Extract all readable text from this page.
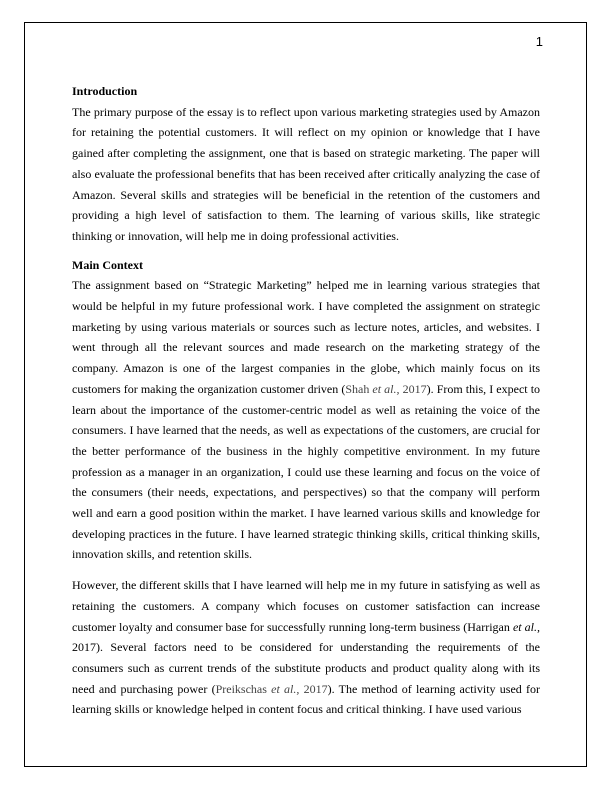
1
Introduction

The primary purpose of the essay is to reflect upon various marketing strategies used by Amazon for retaining the potential customers. It will reflect on my opinion or knowledge that I have gained after completing the assignment, one that is based on strategic marketing. The paper will also evaluate the professional benefits that has been received after critically analyzing the case of Amazon. Several skills and strategies will be beneficial in the retention of the customers and providing a high level of satisfaction to them. The learning of various skills, like strategic thinking or innovation, will help me in doing professional activities.

Main Context

The assignment based on “Strategic Marketing” helped me in learning various strategies that would be helpful in my future professional work. I have completed the assignment on strategic marketing by using various materials or sources such as lecture notes, articles, and websites. I went through all the relevant sources and made research on the marketing strategy of the company. Amazon is one of the largest companies in the globe, which mainly focus on its customers for making the organization customer driven (Shah et al., 2017). From this, I expect to learn about the importance of the customer-centric model as well as retaining the voice of the consumers. I have learned that the needs, as well as expectations of the customers, are crucial for the better performance of the business in the highly competitive environment. In my future profession as a manager in an organization, I could use these learning and focus on the voice of the consumers (their needs, expectations, and perspectives) so that the company will perform well and earn a good position within the market. I have learned various skills and knowledge for developing practices in the future. I have learned strategic thinking skills, critical thinking skills, innovation skills, and retention skills.

However, the different skills that I have learned will help me in my future in satisfying as well as retaining the customers. A company which focuses on customer satisfaction can increase customer loyalty and consumer base for successfully running long-term business (Harrigan et al., 2017). Several factors need to be considered for understanding the requirements of the consumers such as current trends of the substitute products and product quality along with its need and purchasing power (Preikschas et al., 2017). The method of learning activity used for learning skills or knowledge helped in content focus and critical thinking. I have used various
